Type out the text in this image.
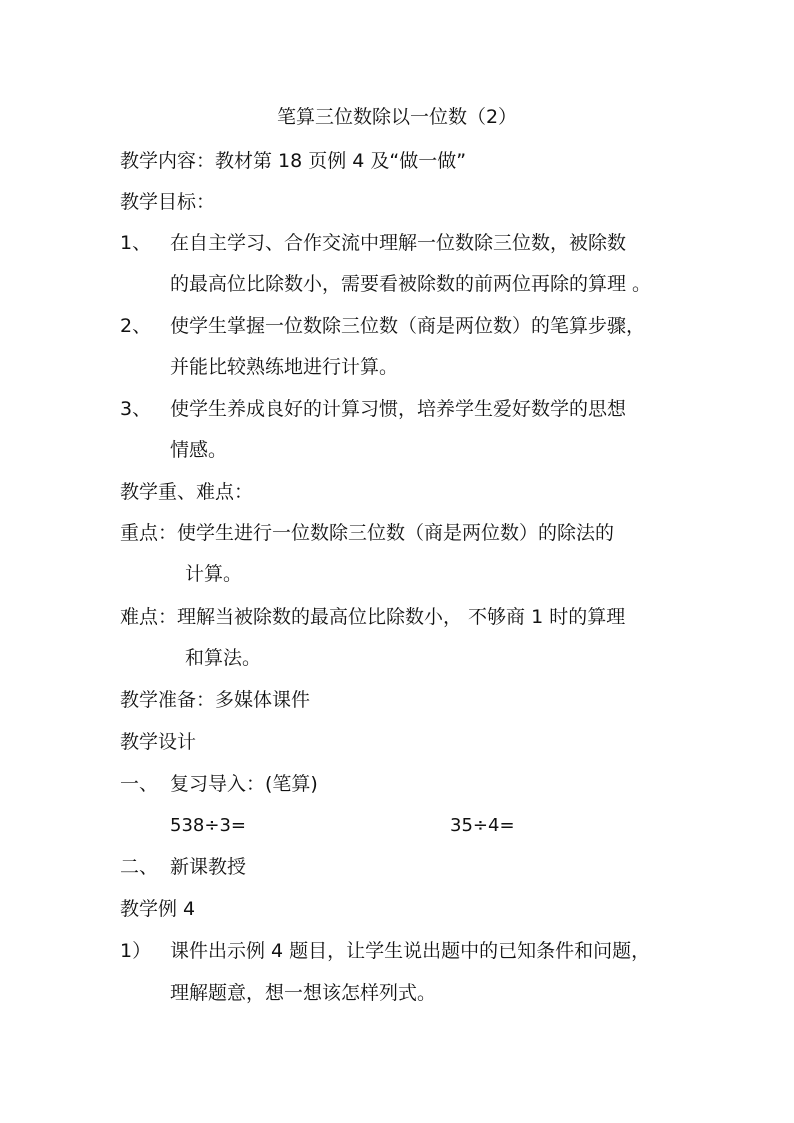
笔算三位数除以一位数（2）
教学内容：教材第 18 页例 4 及“做一做”
教学目标：
1、 在自主学习、合作交流中理解一位数除三位数，被除数
的最高位比除数小，需要看被除数的前两位再除的算理 。
2、 使学生掌握一位数除三位数（商是两位数）的笔算步骤，
并能比较熟练地进行计算。
3、 使学生养成良好的计算习惯，培养学生爱好数学的思想
情感。
教学重、难点：
重点：使学生进行一位数除三位数（商是两位数）的除法的
计算。
难点：理解当被除数的最高位比除数小， 不够商 1 时的算理
和算法。
教学准备：多媒体课件
教学设计
一、 复习导入：(笔算)
538÷3=	35÷4=
二、 新课教授
教学例 4
1） 课件出示例 4 题目，让学生说出题中的已知条件和问题，
理解题意，想一想该怎样列式。
